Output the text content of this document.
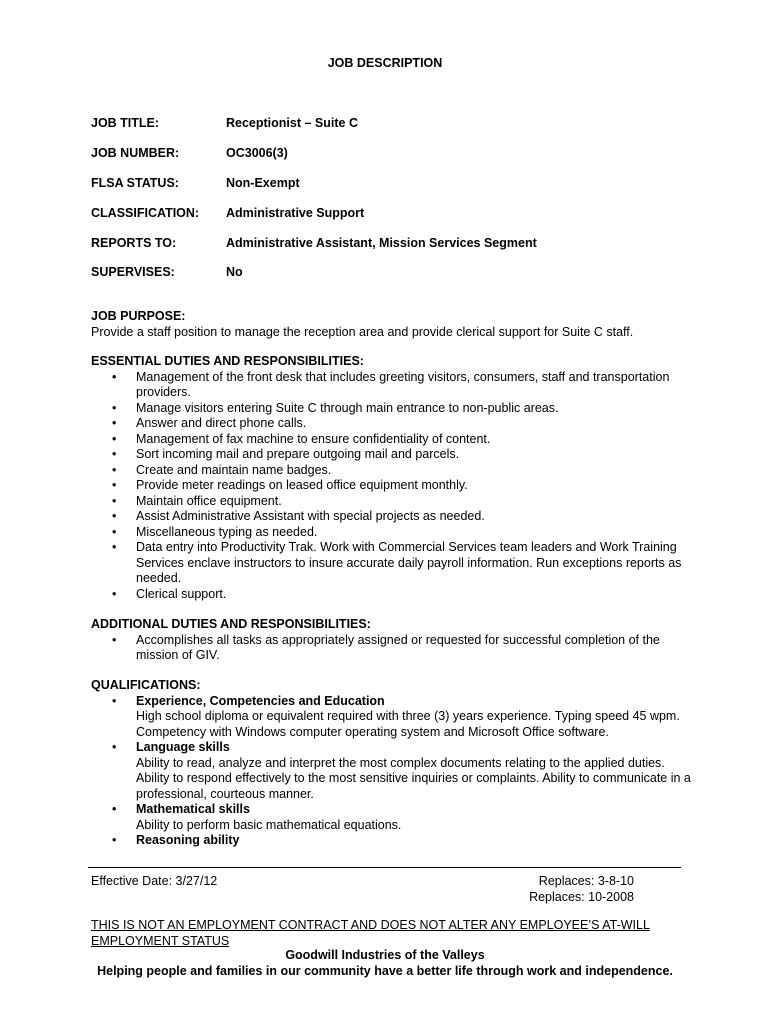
JOB DESCRIPTION
JOB TITLE:	Receptionist – Suite C
JOB NUMBER:	OC3006(3)
FLSA STATUS:	Non-Exempt
CLASSIFICATION: Administrative Support
REPORTS TO:	Administrative Assistant, Mission Services Segment
SUPERVISES:	No
JOB PURPOSE:
Provide a staff position to manage the reception area and provide clerical support for Suite C staff.
ESSENTIAL DUTIES AND RESPONSIBILITIES:
• Management of the front desk that includes greeting visitors, consumers, staff and transportation providers.
• Manage visitors entering Suite C through main entrance to non-public areas.
• Answer and direct phone calls.
• Management of fax machine to ensure confidentiality of content.
• Sort incoming mail and prepare outgoing mail and parcels.
• Create and maintain name badges.
• Provide meter readings on leased office equipment monthly.
• Maintain office equipment.
• Assist Administrative Assistant with special projects as needed.
• Miscellaneous typing as needed.
• Data entry into Productivity Trak. Work with Commercial Services team leaders and Work Training Services enclave instructors to insure accurate daily payroll information. Run exceptions reports as needed.
• Clerical support.
ADDITIONAL DUTIES AND RESPONSIBILITIES:
• Accomplishes all tasks as appropriately assigned or requested for successful completion of the mission of GIV.
QUALIFICATIONS:
• Experience, Competencies and Education
High school diploma or equivalent required with three (3) years experience. Typing speed 45 wpm. Competency with Windows computer operating system and Microsoft Office software.
• Language skills
Ability to read, analyze and interpret the most complex documents relating to the applied duties. Ability to respond effectively to the most sensitive inquiries or complaints. Ability to communicate in a professional, courteous manner.
• Mathematical skills
Ability to perform basic mathematical equations.
• Reasoning ability
Effective Date: 3/27/12	Replaces: 3-8-10
Replaces: 10-2008
THIS IS NOT AN EMPLOYMENT CONTRACT AND DOES NOT ALTER ANY EMPLOYEE’S AT-WILL EMPLOYMENT STATUS
Goodwill Industries of the Valleys
Helping people and families in our community have a better life through work and independence.
